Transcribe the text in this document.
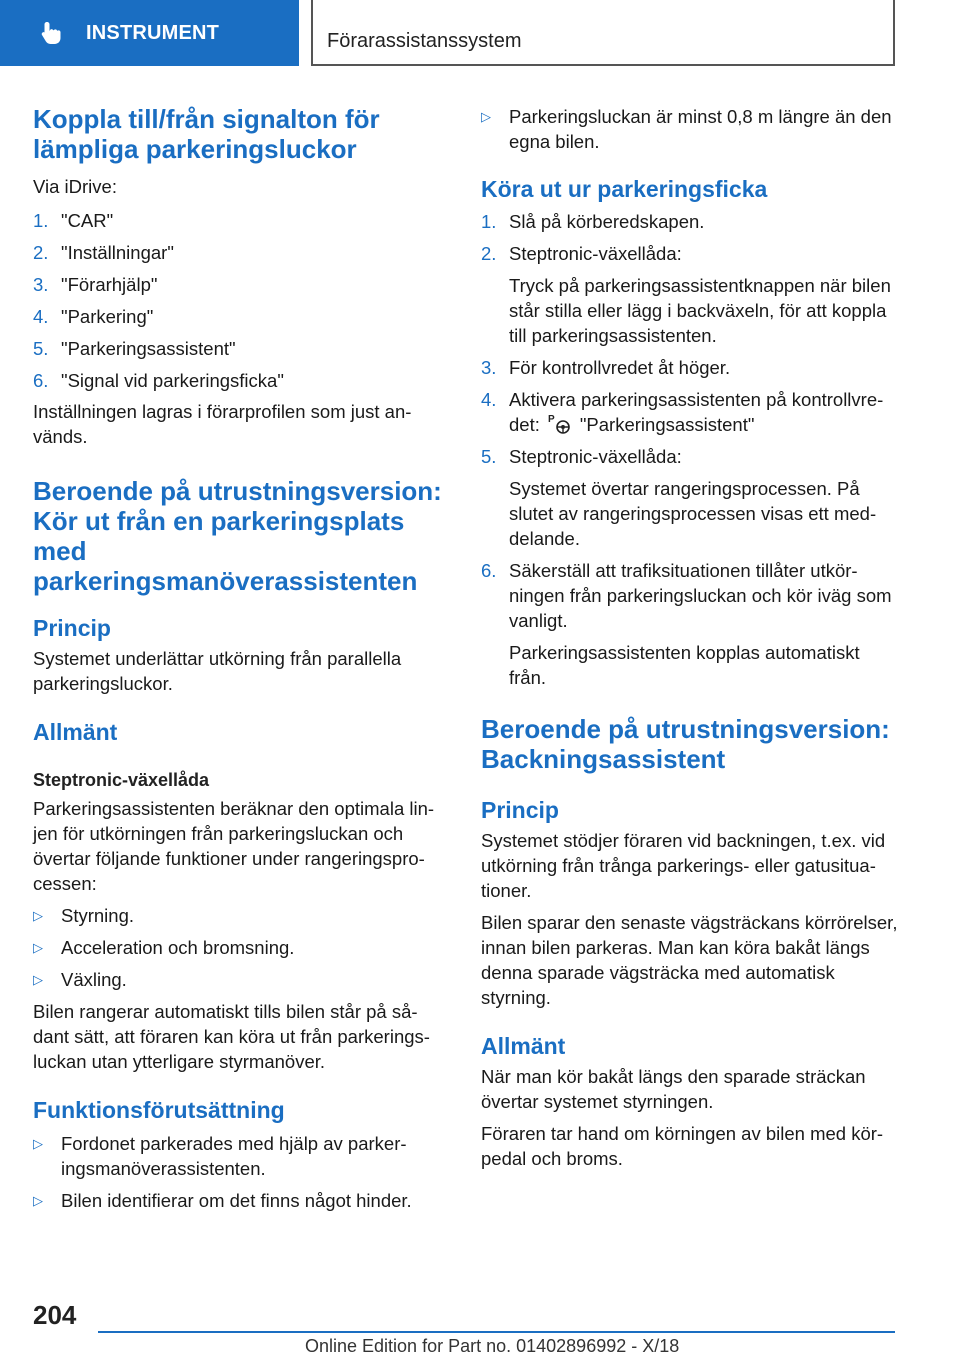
INSTRUMENT	Förarassistanssystem
Koppla till/från signalton för lämpliga parkeringsluckor

Via iDrive:

1. "CAR"
2. "Inställningar"
3. "Förarhjälp"
4. "Parkering"
5. "Parkeringsassistent"
6. "Signal vid parkeringsficka"

Inställningen lagras i förarprofilen som just används.

Beroende på utrustningsversion: Kör ut från en parkeringsplats med parkeringsmanöverassistenten
Princip

Systemet underlättar utkörning från parallella parkeringsluckor.

Allmänt
Steptronic-växellåda

Parkeringsassistenten beräknar den optimala linjen för utkörningen från parkeringsluckan och övertar följande funktioner under rangeringsprocessen:

▷ Styrning.
▷ Acceleration och bromsning.
▷ Växling.

Bilen rangerar automatiskt tills bilen står på sådant sätt, att föraren kan köra ut från parkeringsluckan utan ytterligare styrmanöver.

Funktionsförutsättning
▷ Fordonet parkerades med hjälp av parkeringsmanöverassistenten.
▷ Bilen identifierar om det finns något hinder.
▷ Parkeringsluckan är minst 0,8 m längre än den egna bilen.
Köra ut ur parkeringsficka
1. Slå på körberedskapen.
2. Steptronic-växellåda:

Tryck på parkeringsassistentknappen när bilen står stilla eller lägg i backväxeln, för att koppla till parkeringsassistenten.

3. För kontrollvredet åt höger.
4. Aktivera parkeringsassistenten på kontrollvredet: P "Parkeringsassistent"
5. Steptronic-växellåda:

Systemet övertar rangeringsprocessen. På slutet av rangeringsprocessen visas ett meddelande.

6. Säkerställ att trafiksituationen tillåter utkörningen från parkeringsluckan och kör iväg som vanligt.

Parkeringsassistenten kopplas automatiskt från.

Beroende på utrustningsversion: Backningsassistent
Princip

Systemet stödjer föraren vid backningen, t.ex. vid utkörning från trånga parkerings- eller gatusituationer.

Bilen sparar den senaste vägsträckans körrörelser, innan bilen parkeras. Man kan köra bakåt längs denna sparade vägsträcka med automatisk styrning.

Allmänt

När man kör bakåt längs den sparade sträckan övertar systemet styrningen.

Föraren tar hand om körningen av bilen med körpedal och broms.

204
Online Edition for Part no. 01402896992 - X/18
